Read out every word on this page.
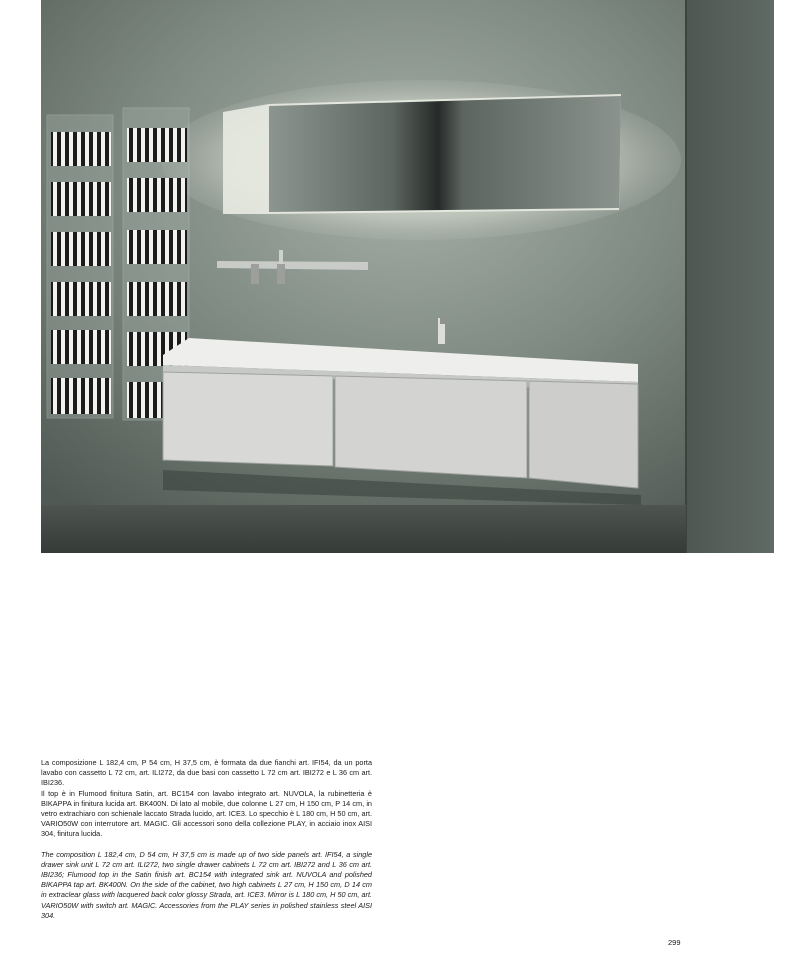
PIANA

La composizione L 182,4 cm, P 54 cm, H 37,5 cm, è formata da due fianchi art. IFI54, da un porta lavabo con cassetto L 72 cm, art. ILI272, da due basi con cassetto L 72 cm art. IBI272 e L 36 cm art. IBI236.
Il top è in Flumood finitura Satin, art. BC154 con lavabo integrato art. NUVOLA, la rubinetteria è BIKAPPA in finitura lucida art. BK400N. Di lato al mobile, due colonne L 27 cm, H 150 cm, P 14 cm, in vetro extrachiaro con schienale laccato Strada lucido, art. ICE3. Lo specchio è L 180 cm, H 50 cm, art. VARIO50W con interrutore art. MAGIC. Gli accessori sono della collezione PLAY, in acciaio inox AISI 304, finitura lucida.

The composition L 182,4 cm, D 54 cm, H 37,5 cm is made up of two side panels art. IFI54, a single drawer sink unit L 72 cm art. ILI272, two single drawer cabinets L 72 cm art. IBI272 and L 36 cm art. IBI236; Flumood top in the Satin finish art. BC154 with integrated sink art. NUVOLA and polished BIKAPPA tap art. BK400N. On the side of the cabinet, two high cabinets L 27 cm, H 150 cm, D 14 cm in extraclear glass with lacquered back color glossy Strada, art. ICE3. Mirror is L 180 cm, H 50 cm, art. VARIO50W with switch art. MAGIC. Accessories from the PLAY series in polished stainless steel AISI 304.

299
